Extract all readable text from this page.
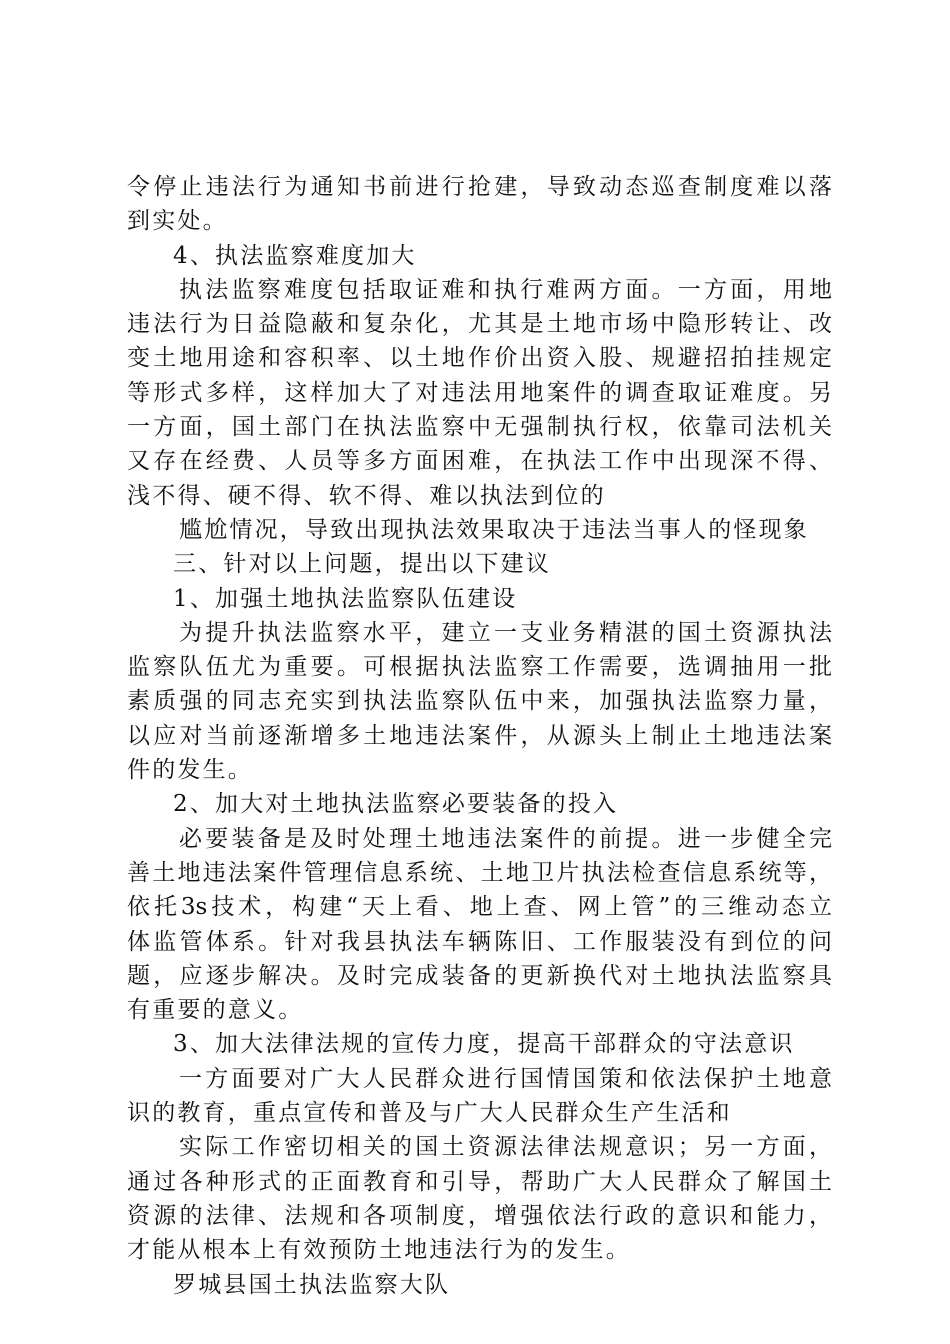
令停止违法行为通知书前进行抢建，导致动态巡查制度难以落
到实处。
4、执法监察难度加大
执法监察难度包括取证难和执行难两方面。一方面，用地
违法行为日益隐蔽和复杂化，尤其是土地市场中隐形转让、改
变土地用途和容积率、以土地作价出资入股、规避招拍挂规定
等形式多样，这样加大了对违法用地案件的调查取证难度。另
一方面，国土部门在执法监察中无强制执行权，依靠司法机关
又存在经费、人员等多方面困难，在执法工作中出现深不得、
浅不得、硬不得、软不得、难以执法到位的
尴尬情况，导致出现执法效果取决于违法当事人的怪现象
三、针对以上问题，提出以下建议
1、加强土地执法监察队伍建设
为提升执法监察水平，建立一支业务精湛的国土资源执法
监察队伍尤为重要。可根据执法监察工作需要，选调抽用一批
素质强的同志充实到执法监察队伍中来，加强执法监察力量，
以应对当前逐渐增多土地违法案件，从源头上制止土地违法案
件的发生。
2、加大对土地执法监察必要装备的投入
必要装备是及时处理土地违法案件的前提。进一步健全完
善土地违法案件管理信息系统、土地卫片执法检查信息系统等，
依托3s技术，构建“天上看、地上查、网上管”的三维动态立
体监管体系。针对我县执法车辆陈旧、工作服装没有到位的问
题，应逐步解决。及时完成装备的更新换代对土地执法监察具
有重要的意义。
3、加大法律法规的宣传力度，提高干部群众的守法意识
一方面要对广大人民群众进行国情国策和依法保护土地意
识的教育，重点宣传和普及与广大人民群众生产生活和
实际工作密切相关的国土资源法律法规意识；另一方面，
通过各种形式的正面教育和引导，帮助广大人民群众了解国土
资源的法律、法规和各项制度，增强依法行政的意识和能力，
才能从根本上有效预防土地违法行为的发生。
罗城县国土执法监察大队
